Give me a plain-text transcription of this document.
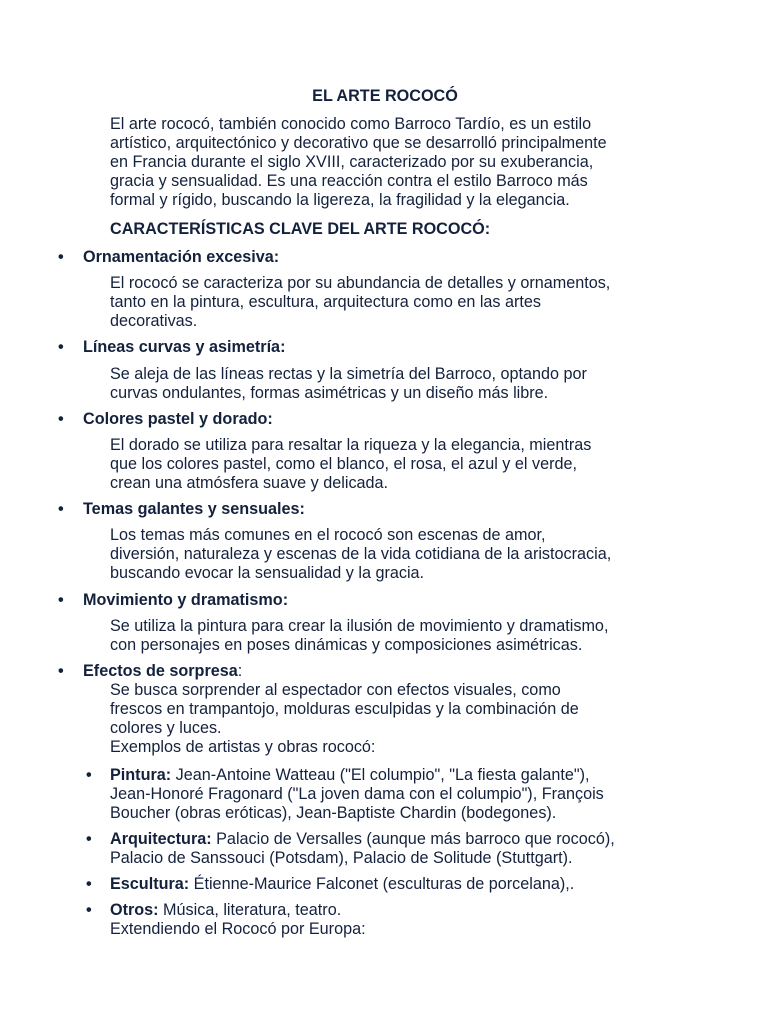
EL ARTE ROCOCÓ
El arte rococó, también conocido como Barroco Tardío, es un estilo
artístico, arquitectónico y decorativo que se desarrolló principalmente
en Francia durante el siglo XVIII, caracterizado por su exuberancia,
gracia y sensualidad. Es una reacción contra el estilo Barroco más
formal y rígido, buscando la ligereza, la fragilidad y la elegancia.
CARACTERÍSTICAS CLAVE DEL ARTE ROCOCÓ:
• Ornamentación excesiva:
El rococó se caracteriza por su abundancia de detalles y ornamentos,
tanto en la pintura, escultura, arquitectura como en las artes
decorativas.
• Líneas curvas y asimetría:
Se aleja de las líneas rectas y la simetría del Barroco, optando por
curvas ondulantes, formas asimétricas y un diseño más libre.
• Colores pastel y dorado:
El dorado se utiliza para resaltar la riqueza y la elegancia, mientras
que los colores pastel, como el blanco, el rosa, el azul y el verde,
crean una atmósfera suave y delicada.
• Temas galantes y sensuales:
Los temas más comunes en el rococó son escenas de amor,
diversión, naturaleza y escenas de la vida cotidiana de la aristocracia,
buscando evocar la sensualidad y la gracia.
• Movimiento y dramatismo:
Se utiliza la pintura para crear la ilusión de movimiento y dramatismo,
con personajes en poses dinámicas y composiciones asimétricas.
• Efectos de sorpresa:
Se busca sorprender al espectador con efectos visuales, como
frescos en trampantojo, molduras esculpidas y la combinación de
colores y luces.
Exemplos de artistas y obras rococó:
• Pintura: Jean-Antoine Watteau ("El columpio", "La fiesta galante"),
Jean-Honoré Fragonard ("La joven dama con el columpio"), François
Boucher (obras eróticas), Jean-Baptiste Chardin (bodegones).
• Arquitectura: Palacio de Versalles (aunque más barroco que rococó),
Palacio de Sanssouci (Potsdam), Palacio de Solitude (Stuttgart).
• Escultura: Étienne-Maurice Falconet (esculturas de porcelana),.
• Otros: Música, literatura, teatro.
Extendiendo el Rococó por Europa:
